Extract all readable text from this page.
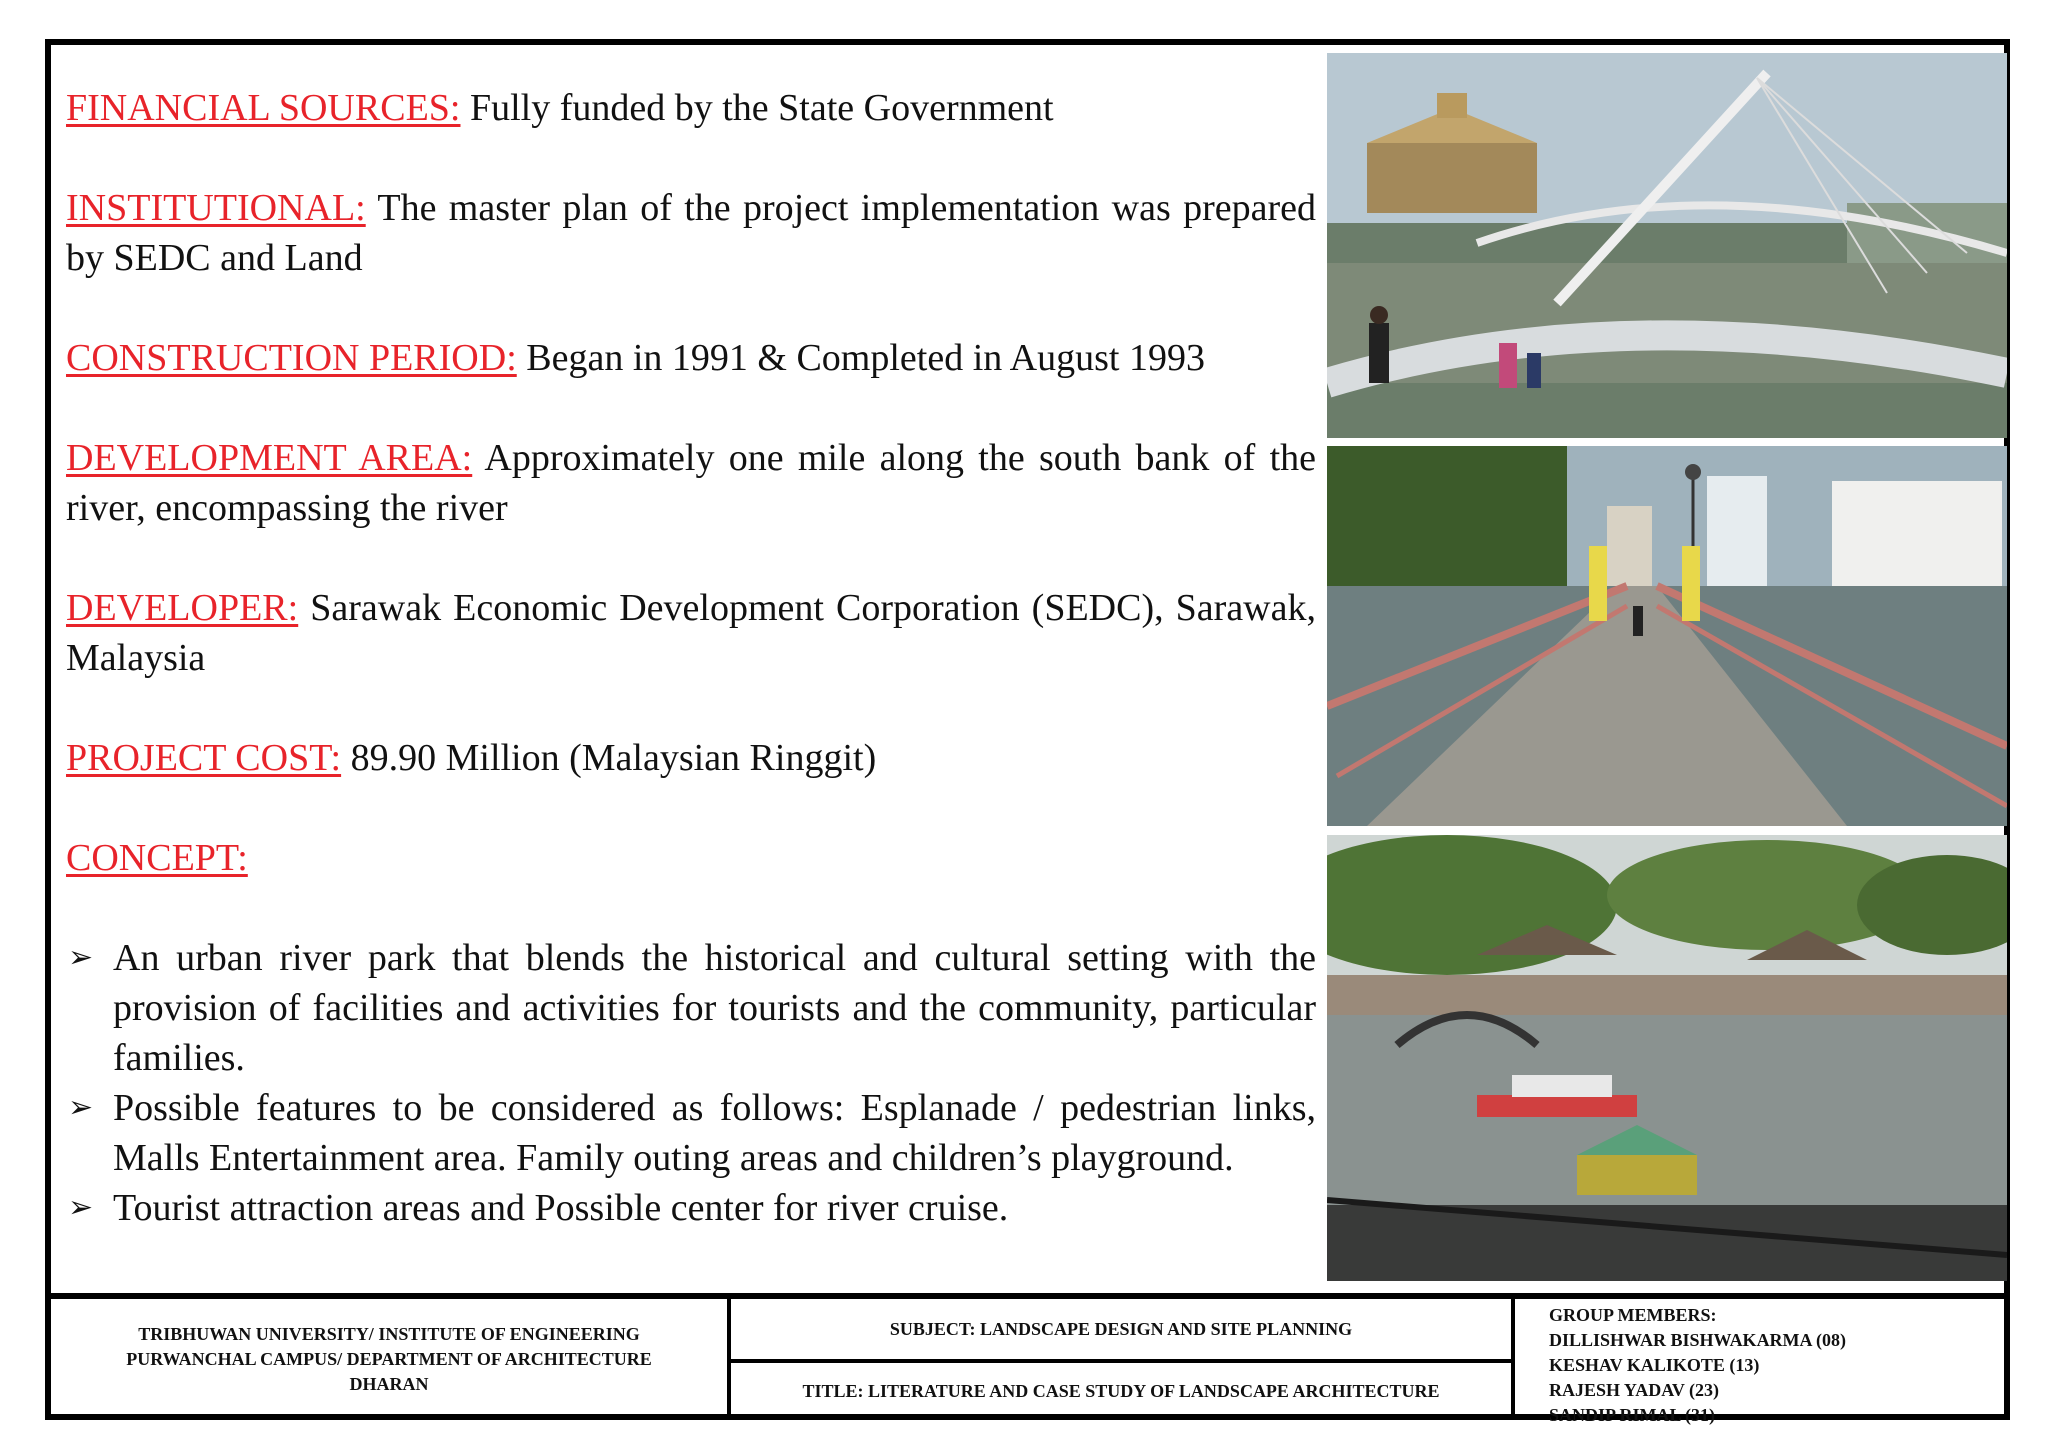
FINANCIAL SOURCES: Fully funded by the State Government

INSTITUTIONAL: The master plan of the project implementation was prepared by SEDC and Land

CONSTRUCTION PERIOD: Began in 1991 & Completed in August 1993

DEVELOPMENT AREA: Approximately one mile along the south bank of the river, encompassing the river

DEVELOPER: Sarawak Economic Development Corporation (SEDC), Sarawak, Malaysia

PROJECT COST: 89.90 Million (Malaysian Ringgit)

CONCEPT:

➢ An urban river park that blends the historical and cultural setting with the provision of facilities and activities for tourists and the community, particular families.
➢ Possible features to be considered as follows: Esplanade / pedestrian links, Malls Entertainment area. Family outing areas and children’s playground.
➢ Tourist attraction areas and Possible center for river cruise.
TRIBHUWAN UNIVERSITY/ INSTITUTE OF ENGINEERING
PURWANCHAL CAMPUS/ DEPARTMENT OF ARCHITECTURE
DHARAN
SUBJECT: LANDSCAPE DESIGN AND SITE PLANNING
TITLE: LITERATURE AND CASE STUDY OF LANDSCAPE ARCHITECTURE
GROUP MEMBERS:
DILLISHWAR BISHWAKARMA (08)
KESHAV KALIKOTE (13)
RAJESH YADAV (23)
SANDIP RIMAL (31)
